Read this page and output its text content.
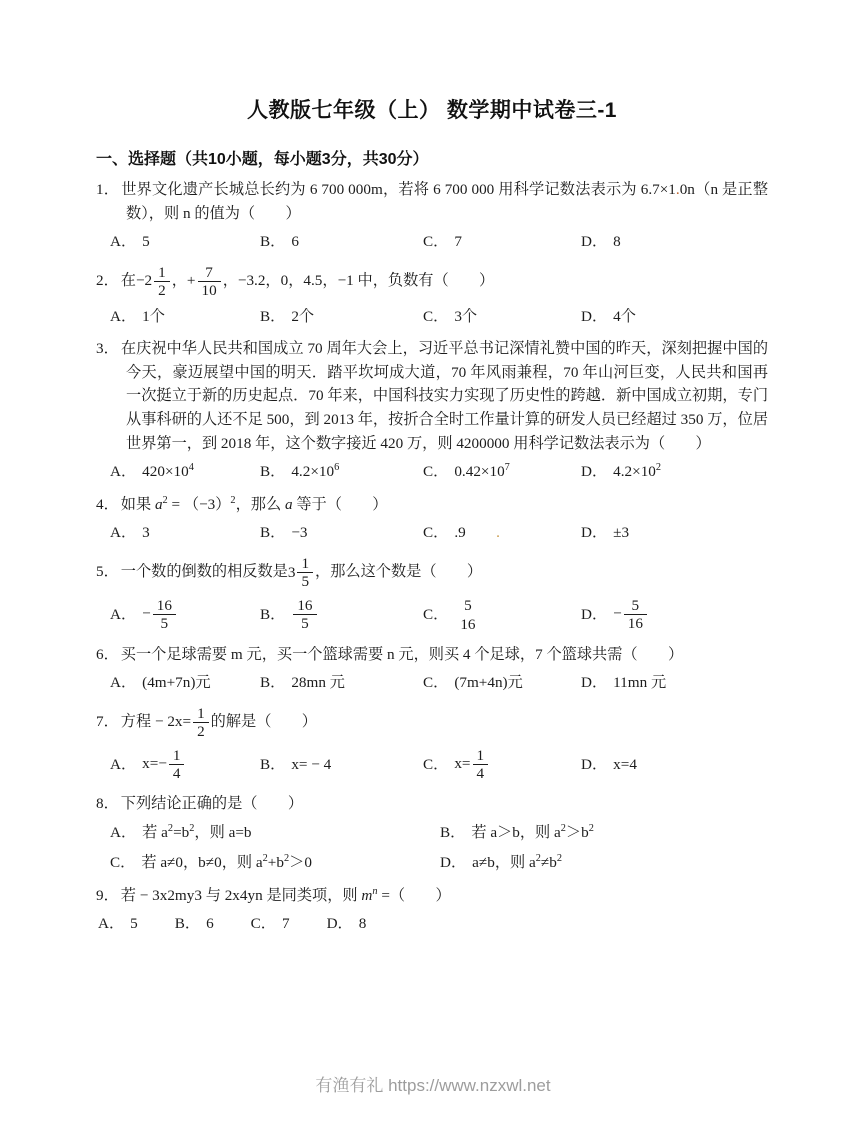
人教版七年级（上） 数学期中试卷三-1
一、选择题（共10小题，每小题3分，共30分）
1． 世界文化遗产长城总长约为 6 700 000m，若将 6 700 000 用科学记数法表示为 6.7×1.0n（n 是正整数），则 n 的值为（　　）
A． 5	B． 6	C． 7	D． 8
2． 在− $2 \frac{1}{2}$ ，+ $\frac{7}{10}$ ，−3.2，0，4.5，−1 中，负数有（　　）
A． 1个	B． 2个	C． 3个	D． 4个
3． 在庆祝中华人民共和国成立 70 周年大会上，习近平总书记深情礼赞中国的昨天，深刻把握中国的今天，豪迈展望中国的明天．踏平坎坷成大道，70 年风雨兼程，70 年山河巨变，人民共和国再一次挺立于新的历史起点．70 年来，中国科技实力实现了历史性的跨越．新中国成立初期，专门从事科研的人还不足 500，到 2013 年，按折合全时工作量计算的研发人员已经超过 350 万，位居世界第一，到 2018 年，这个数字接近 420 万，则 4200000 用科学记数法表示为（　　）
A． $420\times 10^4$	B． $4.2\times 10^6$	C． $0.42\times 10^7$	D． $4.2\times 10^2$
4． 如果 $a^2 = (-3)^2$，那么 a 等于（　　）
A． 3	B． −3	C． .9　　.	D． ±3
5． 一个数的倒数的相反数是 $3 \frac{1}{5}$ ，那么这个数是（　　）
A． − $\frac{16}{5}$	B． $\frac{16}{5}$	C．
5
16
D． − $\frac{5}{16}$
6． 买一个足球需要 m 元，买一个篮球需要 n 元，则买 4 个足球，7 个篮球共需（　　）
A． (4m+7n)元	B． 28mn 元	C． (7m+4n)元	D． 11mn 元
7． 方程 − $2x= \frac{1}{2}$ 的解是（　　）
A． $x=- \frac{1}{4}$	B． x= − 4	C． $x= \frac{1}{4}$	D． x=4
8． 下列结论正确的是（　　）
A． 若 $a^2=b^2$，则 a=b	B． 若 a＞b，则 $a^2>b^2$
C． 若 a≠0，b≠0，则 $a^2+b^2>0$	D． a≠b，则 $a^2\ne b^2$
9． 若 − 3x2my3 与 2x4yn 是同类项，则 $m^n$ =（　　）
A． 5 B． 6 C． 7 D． 8
有渔有礼 https://www.nzxwl.net
